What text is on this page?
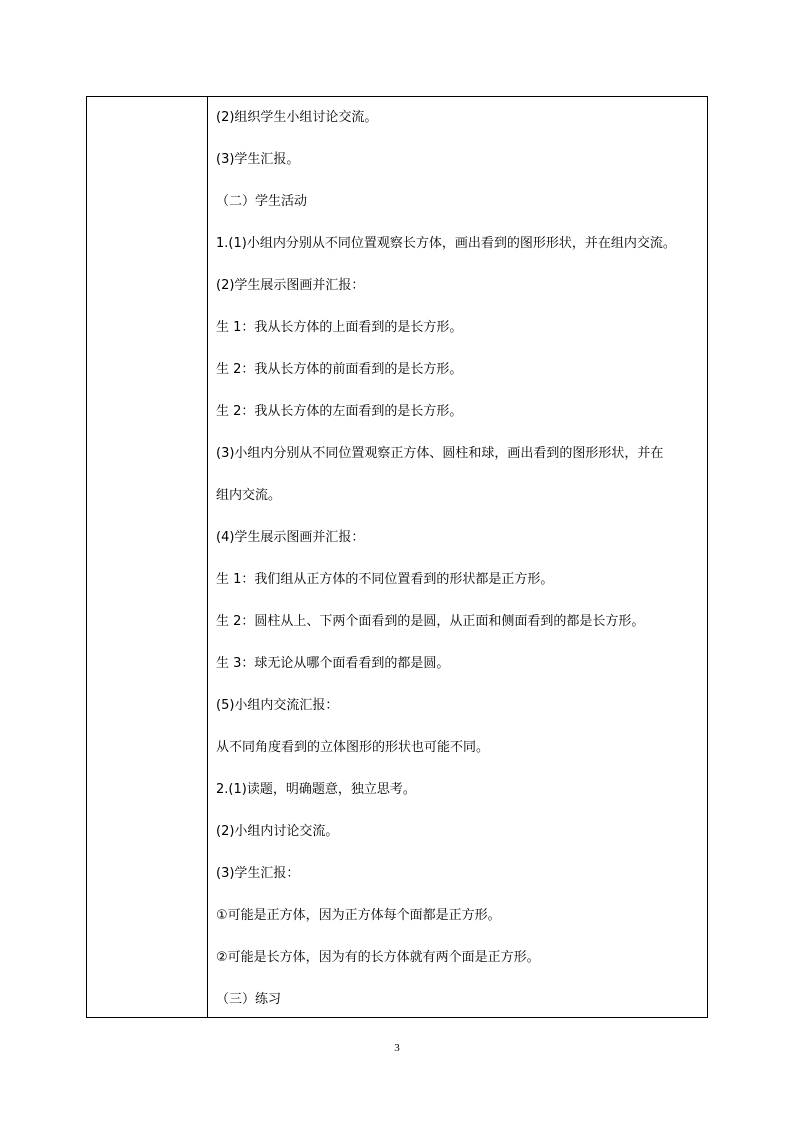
(2)组织学生小组讨论交流。
(3)学生汇报。
（二）学生活动
1.(1)小组内分别从不同位置观察长方体，画出看到的图形形状，并在组内交流。
(2)学生展示图画并汇报：
生 1：我从长方体的上面看到的是长方形。
生 2：我从长方体的前面看到的是长方形。
生 2：我从长方体的左面看到的是长方形。
(3)小组内分别从不同位置观察正方体、圆柱和球，画出看到的图形形状，并在
组内交流。
(4)学生展示图画并汇报：
生 1：我们组从正方体的不同位置看到的形状都是正方形。
生 2：圆柱从上、下两个面看到的是圆，从正面和侧面看到的都是长方形。
生 3：球无论从哪个面看看到的都是圆。
(5)小组内交流汇报：
从不同角度看到的立体图形的形状也可能不同。
2.(1)读题，明确题意，独立思考。
(2)小组内讨论交流。
(3)学生汇报：
①可能是正方体，因为正方体每个面都是正方形。
②可能是长方体，因为有的长方体就有两个面是正方形。
（三）练习
3
